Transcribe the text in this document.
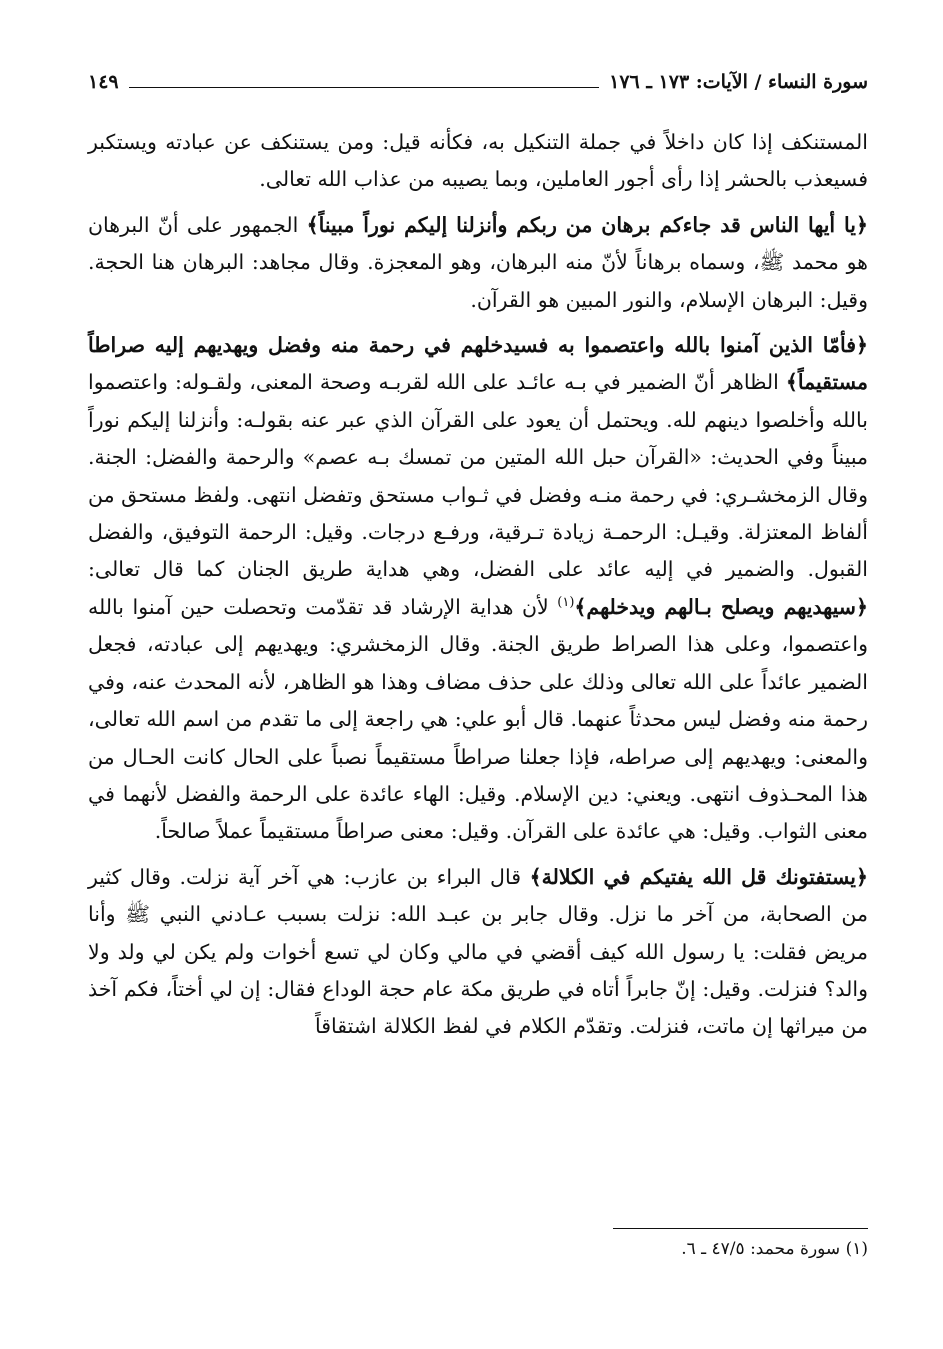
سورة النساء / الآيات: ١٧٣ ـ ١٧٦
١٤٩

المستنكف إذا كان داخلاً في جملة التنكيل به، فكأنه قيل: ومن يستنكف عن عبادته ويستكبر فسيعذب بالحشر إذا رأى أجور العاملين، وبما يصيبه من عذاب الله تعالى.

﴿يا أيها الناس قد جاءكم برهان من ربكم وأنزلنا إليكم نوراً مبيناً﴾ الجمهور على أنّ البرهان هو محمد ﷺ، وسماه برهاناً لأنّ منه البرهان، وهو المعجزة. وقال مجاهد: البرهان هنا الحجة. وقيل: البرهان الإسلام، والنور المبين هو القرآن.

﴿فأمّا الذين آمنوا بالله واعتصموا به فسيدخلهم في رحمة منه وفضل ويهديهم إليه صراطاً مستقيماً﴾ الظاهر أنّ الضمير في بـه عائـد على الله لقربـه وصحة المعنى، ولقـوله: واعتصموا بالله وأخلصوا دينهم لله. ويحتمل أن يعود على القرآن الذي عبر عنه بقولـه: وأنزلنا إليكم نوراً مبيناً وفي الحديث: «القرآن حبل الله المتين من تمسك بـه عصم» والرحمة والفضل: الجنة. وقال الزمخشـري: في رحمة منـه وفضل في ثـواب مستحق وتفضل انتهى. ولفظ مستحق من ألفاظ المعتزلة. وقيـل: الرحمـة زيادة تـرقية، ورفـع درجات. وقيل: الرحمة التوفيق، والفضل القبول. والضمير في إليه عائد على الفضل، وهي هداية طريق الجنان كما قال تعالى: ﴿سيهديهم ويصلح بـالهم ويدخلهم﴾$^{(١)}$ لأن هداية الإرشاد قد تقدّمت وتحصلت حين آمنوا بالله واعتصموا، وعلى هذا الصراط طريق الجنة. وقال الزمخشري: ويهديهم إلى عبادته، فجعل الضمير عائداً على الله تعالى وذلك على حذف مضاف وهذا هو الظاهر، لأنه المحدث عنه، وفي رحمة منه وفضل ليس محدثاً عنهما. قال أبو علي: هي راجعة إلى ما تقدم من اسم الله تعالى، والمعنى: ويهديهم إلى صراطه، فإذا جعلنا صراطاً مستقيماً نصباً على الحال كانت الحـال من هذا المحـذوف انتهى. ويعني: دين الإسلام. وقيل: الهاء عائدة على الرحمة والفضل لأنهما في معنى الثواب. وقيل: هي عائدة على القرآن. وقيل: معنى صراطاً مستقيماً عملاً صالحاً.

﴿يستفتونك قل الله يفتيكم في الكلالة﴾ قال البراء بن عازب: هي آخر آية نزلت. وقال كثير من الصحابة، من آخر ما نزل. وقال جابر بن عبـد الله: نزلت بسبب عـادني النبي ﷺ وأنا مريض فقلت: يا رسول الله كيف أقضي في مالي وكان لي تسع أخوات ولم يكن لي ولد ولا والد؟ فنزلت. وقيل: إنّ جابراً أتاه في طريق مكة عام حجة الوداع فقال: إن لي أختاً، فكم آخذ من ميراثها إن ماتت، فنزلت. وتقدّم الكلام في لفظ الكلالة اشتقاقاً

(١) سورة محمد: ٤٧/٥ ـ ٦.
